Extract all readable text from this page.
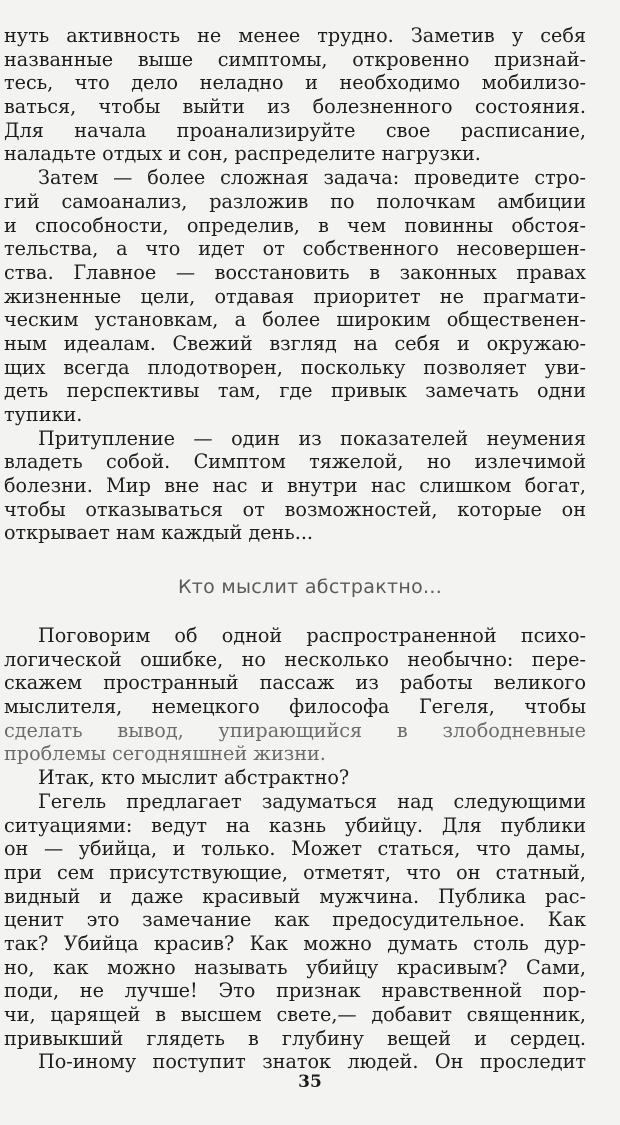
нуть активность не менее трудно. Заметив у себя
названные выше симптомы, откровенно признай-
тесь, что дело неладно и необходимо мобилизо-
ваться, чтобы выйти из болезненного состояния.
Для начала проанализируйте свое расписание,
наладьте отдых и сон, распределите нагрузки.
Затем — более сложная задача: проведите стро-
гий самоанализ, разложив по полочкам амбиции
и способности, определив, в чем повинны обстоя-
тельства, а что идет от собственного несовершен-
ства. Главное — восстановить в законных правах
жизненные цели, отдавая приоритет не прагмати-
ческим установкам, а более широким общественен-
ным идеалам. Свежий взгляд на себя и окружаю-
щих всегда плодотворен, поскольку позволяет уви-
деть перспективы там, где привык замечать одни
тупики.
Притупление — один из показателей неумения
владеть собой. Симптом тяжелой, но излечимой
болезни. Мир вне нас и внутри нас слишком богат,
чтобы отказываться от возможностей, которые он
открывает нам каждый день...
Кто мыслит абстрактно...
Поговорим об одной распространенной психо-
логической ошибке, но несколько необычно: пере-
скажем пространный пассаж из работы великого
мыслителя, немецкого философа Гегеля, чтобы
сделать вывод, упирающийся в злободневные
проблемы сегодняшней жизни.
Итак, кто мыслит абстрактно?
Гегель предлагает задуматься над следующими
ситуациями: ведут на казнь убийцу. Для публики
он — убийца, и только. Может статься, что дамы,
при сем присутствующие, отметят, что он статный,
видный и даже красивый мужчина. Публика рас-
ценит это замечание как предосудительное. Как
так? Убийца красив? Как можно думать столь дур-
но, как можно называть убийцу красивым? Сами,
поди, не лучше! Это признак нравственной пор-
чи, царящей в высшем свете,— добавит священник,
привыкший глядеть в глубину вещей и сердец.
По-иному поступит знаток людей. Он проследит
35
